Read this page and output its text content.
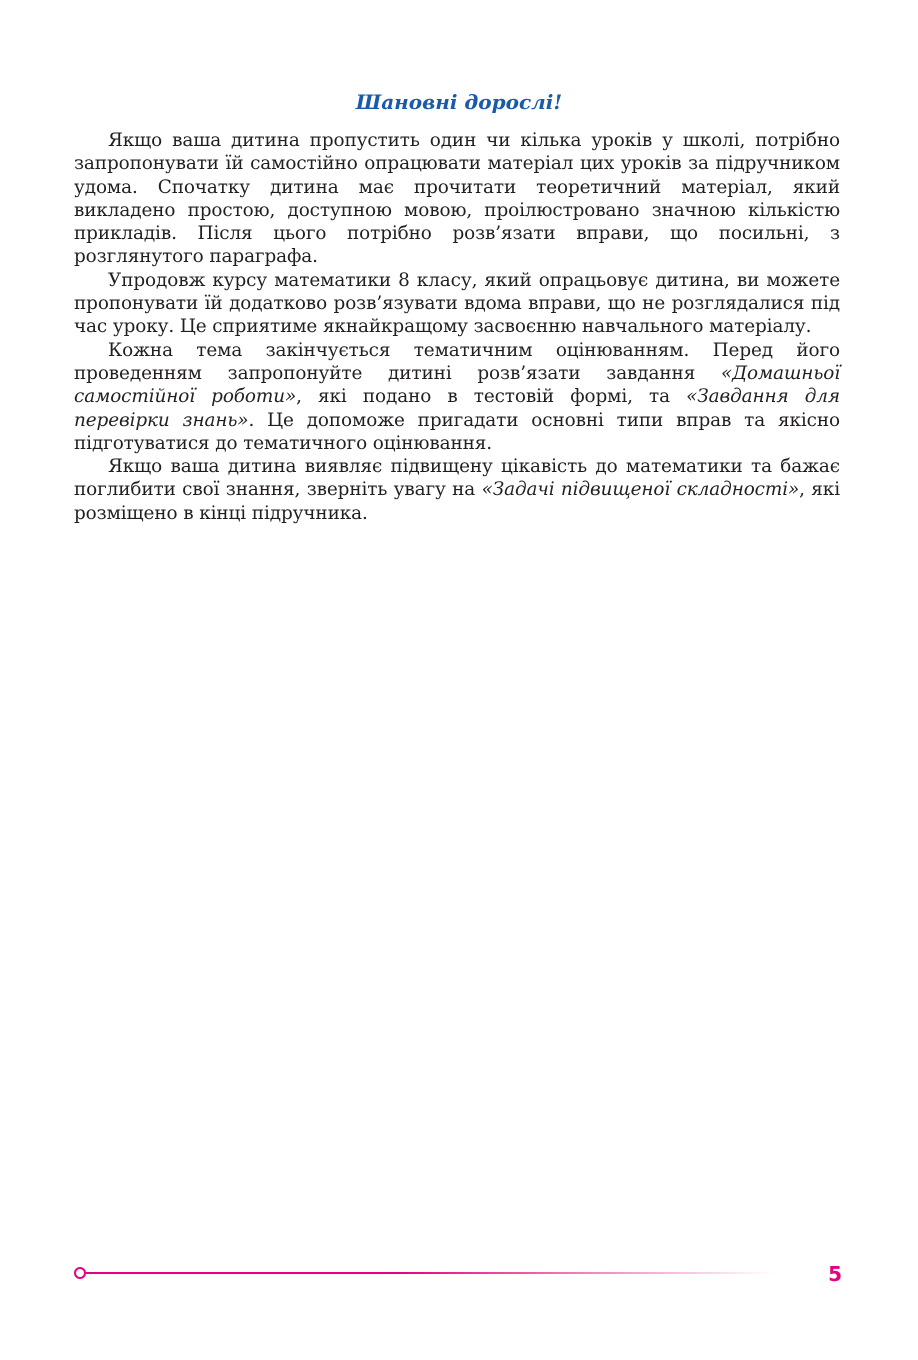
Шановні дорослі!

Якщо ваша дитина пропустить один чи кілька уроків у школі, потрібно запропонувати їй самостійно опрацювати матеріал цих уроків за підручником удома. Спочатку дитина має прочитати теоретичний матеріал, який викладено простою, доступною мовою, проілюстровано значною кількістю прикладів. Після цього потрібно розв’язати вправи, що посильні, з розглянутого параграфа.

Упродовж курсу математики 8 класу, який опрацьовує дитина, ви можете пропонувати їй додатково розв’язувати вдома вправи, що не розглядалися під час уроку. Це сприятиме якнайкращому засвоєнню навчального матеріалу.

Кожна тема закінчується тематичним оцінюванням. Перед його проведенням запропонуйте дитині розв’язати завдання «Домашньої самостійної роботи», які подано в тестовій формі, та «Завдання для перевірки знань». Це допоможе пригадати основні типи вправ та якісно підготуватися до тематичного оцінювання.

Якщо ваша дитина виявляє підвищену цікавість до математики та бажає поглибити свої знання, зверніть увагу на «Задачі підвищеної складності», які розміщено в кінці підручника.

5
